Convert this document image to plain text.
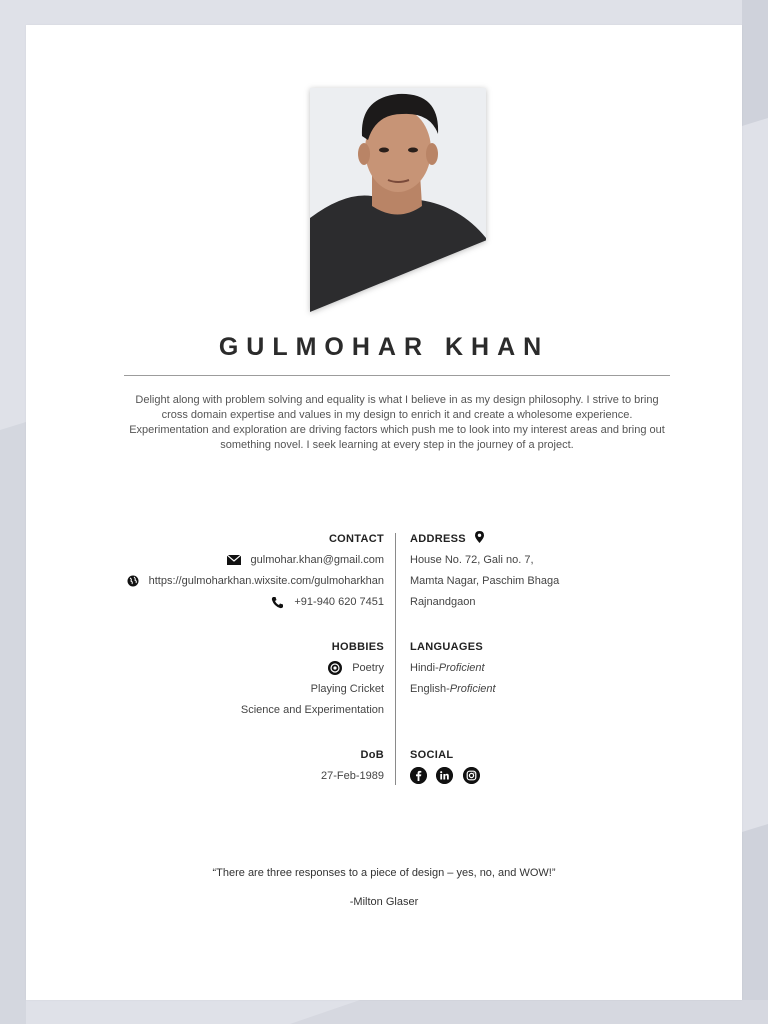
GULMOHAR KHAN
Delight along with problem solving and equality is what I believe in as my design philosophy. I strive to bring cross domain expertise and values in my design to enrich it and create a wholesome experience. Experimentation and exploration are driving factors which push me to look into my interest areas and bring out something novel. I seek learning at every step in the journey of a project.
CONTACT
gulmohar.khan@gmail.com
https://gulmoharkhan.wixsite.com/gulmoharkhan
+91-940 620 7451
ADDRESS
House No. 72, Gali no. 7,
Mamta Nagar, Paschim Bhaga
Rajnandgaon
HOBBIES
Poetry
Playing Cricket
Science and Experimentation
LANGUAGES
Hindi-Proficient
English-Proficient
DoB
27-Feb-1989
SOCIAL

“There are three responses to a piece of design – yes, no, and WOW!”
-Milton Glaser
